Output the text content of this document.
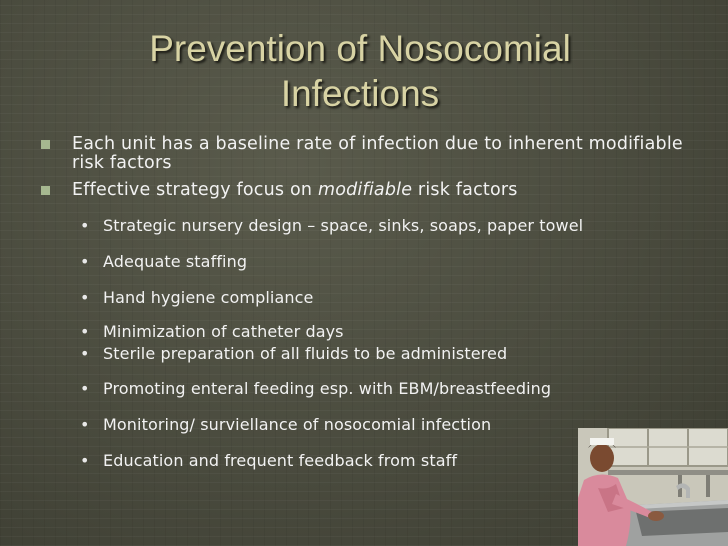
Prevention of Nosocomial
Infections
Each unit has a baseline rate of infection due to inherent modifiable risk factors
Effective strategy focus on modifiable risk factors
• Strategic nursery design – space, sinks, soaps, paper towel
• Adequate staffing
• Hand hygiene compliance
• Minimization of catheter days
• Sterile preparation of all fluids to be administered
• Promoting enteral feeding esp. with EBM/breastfeeding
• Monitoring/ surviellance of nosocomial infection
• Education and frequent feedback from staff
